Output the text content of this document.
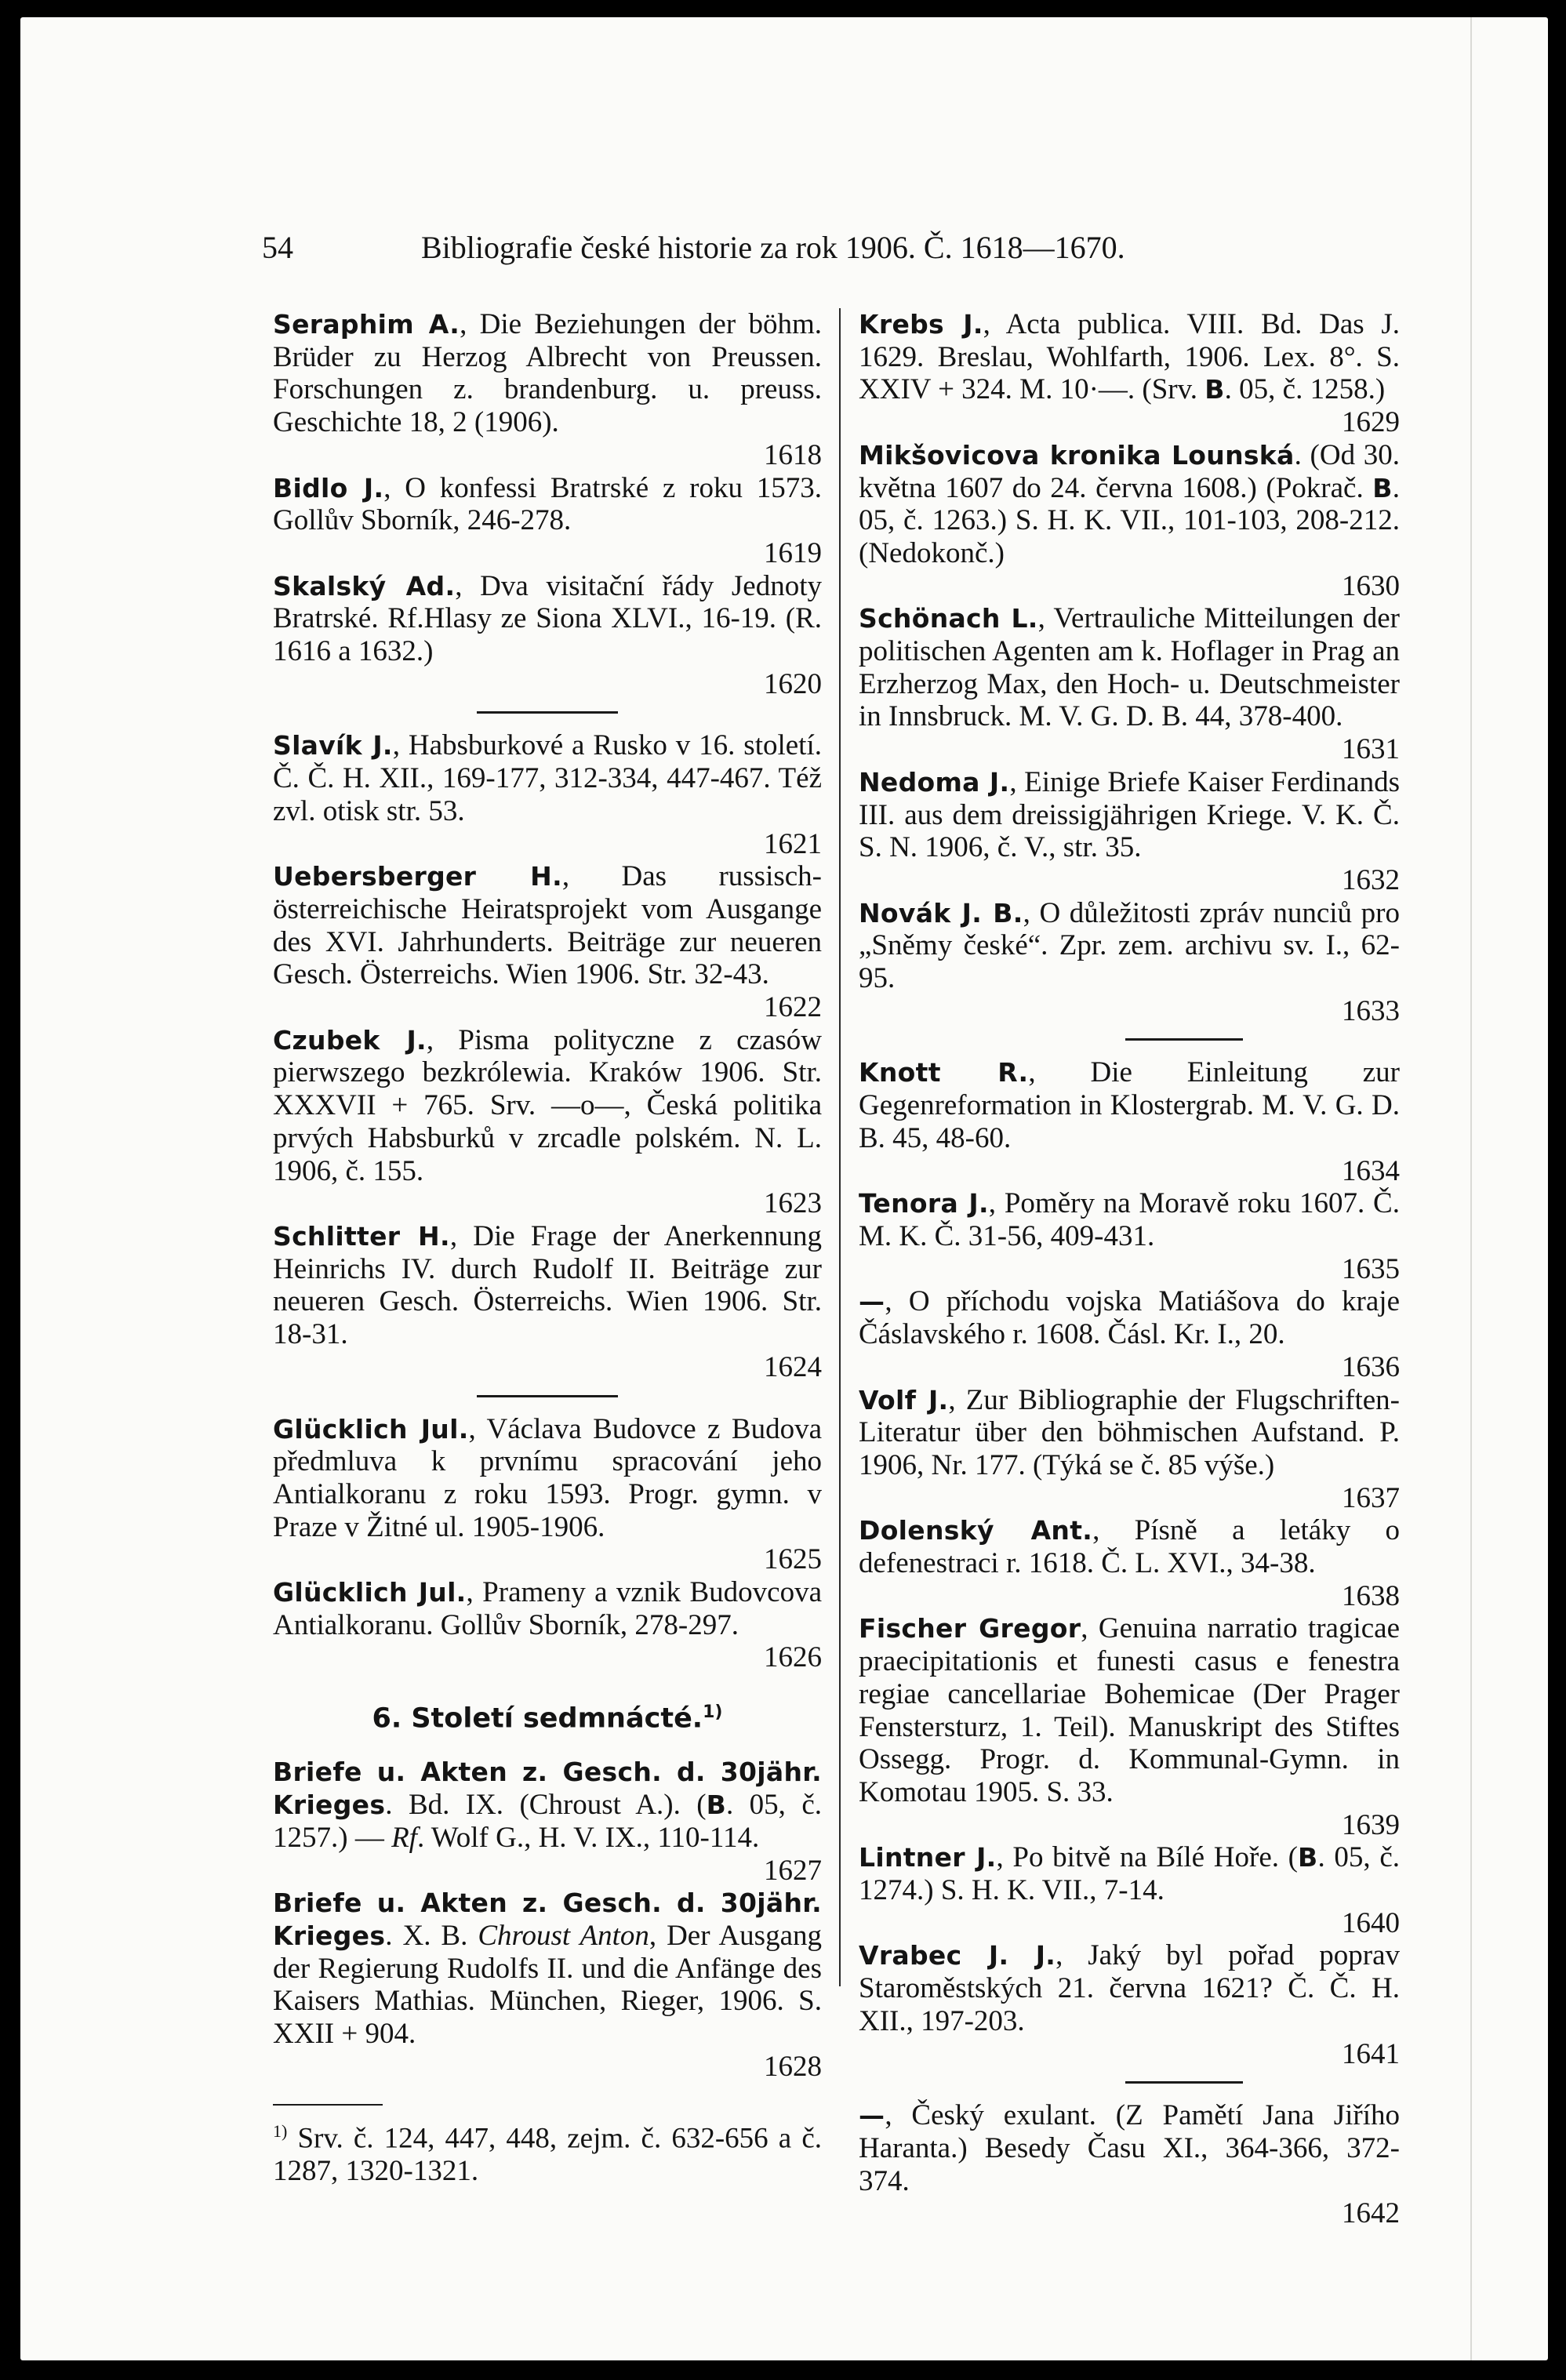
54	Bibliografie české historie za rok 1906. Č. 1618—1670.
Seraphim A., Die Beziehungen der böhm. Brüder zu Herzog Albrecht von Preussen. Forschungen z. brandenburg. u. preuss. Geschichte 18, 2 (1906).
1618
Bidlo J., O konfessi Bratrské z roku 1573. Gollův Sborník, 246-278.
1619
Skalský Ad., Dva visitační řády Jednoty Bratrské. Rf.Hlasy ze Siona XLVI., 16-19. (R. 1616 a 1632.)
1620
Slavík J., Habsburkové a Rusko v 16. století. Č. Č. H. XII., 169-177, 312-334, 447-467. Též zvl. otisk str. 53.
1621
Uebersberger H., Das russisch-österreichische Heiratsprojekt vom Ausgange des XVI. Jahrhunderts. Beiträge zur neueren Gesch. Österreichs. Wien 1906. Str. 32-43.
1622
Czubek J., Pisma polityczne z czasów pierwszego bezkrólewia. Kraków 1906. Str. XXXVII + 765. Srv. —o—, Česká politika prvých Habsburků v zrcadle polském. N. L. 1906, č. 155.
1623
Schlitter H., Die Frage der Anerkennung Heinrichs IV. durch Rudolf II. Beiträge zur neueren Gesch. Österreichs. Wien 1906. Str. 18-31.
1624
Glücklich Jul., Václava Budovce z Budova předmluva k prvnímu spracování jeho Antialkoranu z roku 1593. Progr. gymn. v Praze v Žitné ul. 1905-1906.
1625
Glücklich Jul., Prameny a vznik Budovcova Antialkoranu. Gollův Sborník, 278-297.
1626
6. Století sedmnácté.$^{1)}$
Briefe u. Akten z. Gesch. d. 30jähr. Krieges. Bd. IX. (Chroust A.). (B. 05, č. 1257.) — Rf. Wolf G., H. V. IX., 110-114.
1627
Briefe u. Akten z. Gesch. d. 30jähr. Krieges. X. B. Chroust Anton, Der Ausgang der Regierung Rudolfs II. und die Anfänge des Kaisers Mathias. München, Rieger, 1906. S. XXII + 904.
1628
$^{1)}$ Srv. č. 124, 447, 448, zejm. č. 632-656 a č. 1287, 1320-1321.
Krebs J., Acta publica. VIII. Bd. Das J. 1629. Breslau, Wohlfarth, 1906. Lex. 8°. S. XXIV + 324. M. 10·—. (Srv. B. 05, č. 1258.)
1629
Mikšovicova kronika Lounská. (Od 30. května 1607 do 24. června 1608.) (Pokrač. B. 05, č. 1263.) S. H. K. VII., 101-103, 208-212. (Nedokonč.)
1630
Schönach L., Vertrauliche Mitteilungen der politischen Agenten am k. Hoflager in Prag an Erzherzog Max, den Hoch- u. Deutschmeister in Innsbruck. M. V. G. D. B. 44, 378-400.
1631
Nedoma J., Einige Briefe Kaiser Ferdinands III. aus dem dreissigjährigen Kriege. V. K. Č. S. N. 1906, č. V., str. 35.
1632
Novák J. B., O důležitosti zpráv nunciů pro „Sněmy české“. Zpr. zem. archivu sv. I., 62-95.
1633
Knott R., Die Einleitung zur Gegenreformation in Klostergrab. M. V. G. D. B. 45, 48-60.
1634
Tenora J., Poměry na Moravě roku 1607. Č. M. K. Č. 31-56, 409-431.
1635
—, O příchodu vojska Matiášova do kraje Čáslavského r. 1608. Čásl. Kr. I., 20.
1636
Volf J., Zur Bibliographie der Flugschriften-Literatur über den böhmischen Aufstand. P. 1906, Nr. 177. (Týká se č. 85 výše.)
1637
Dolenský Ant., Písně a letáky o defenestraci r. 1618. Č. L. XVI., 34-38.
1638
Fischer Gregor, Genuina narratio tragicae praecipitationis et funesti casus e fenestra regiae cancellariae Bohemicae (Der Prager Fenstersturz, 1. Teil). Manuskript des Stiftes Ossegg. Progr. d. Kommunal-Gymn. in Komotau 1905. S. 33.
1639
Lintner J., Po bitvě na Bílé Hoře. (B. 05, č. 1274.) S. H. K. VII., 7-14.
1640
Vrabec J. J., Jaký byl pořad poprav Staroměstských 21. června 1621? Č. Č. H. XII., 197-203.
1641
—, Český exulant. (Z Pamětí Jana Jiřího Haranta.) Besedy Času XI., 364-366, 372-374.
1642
